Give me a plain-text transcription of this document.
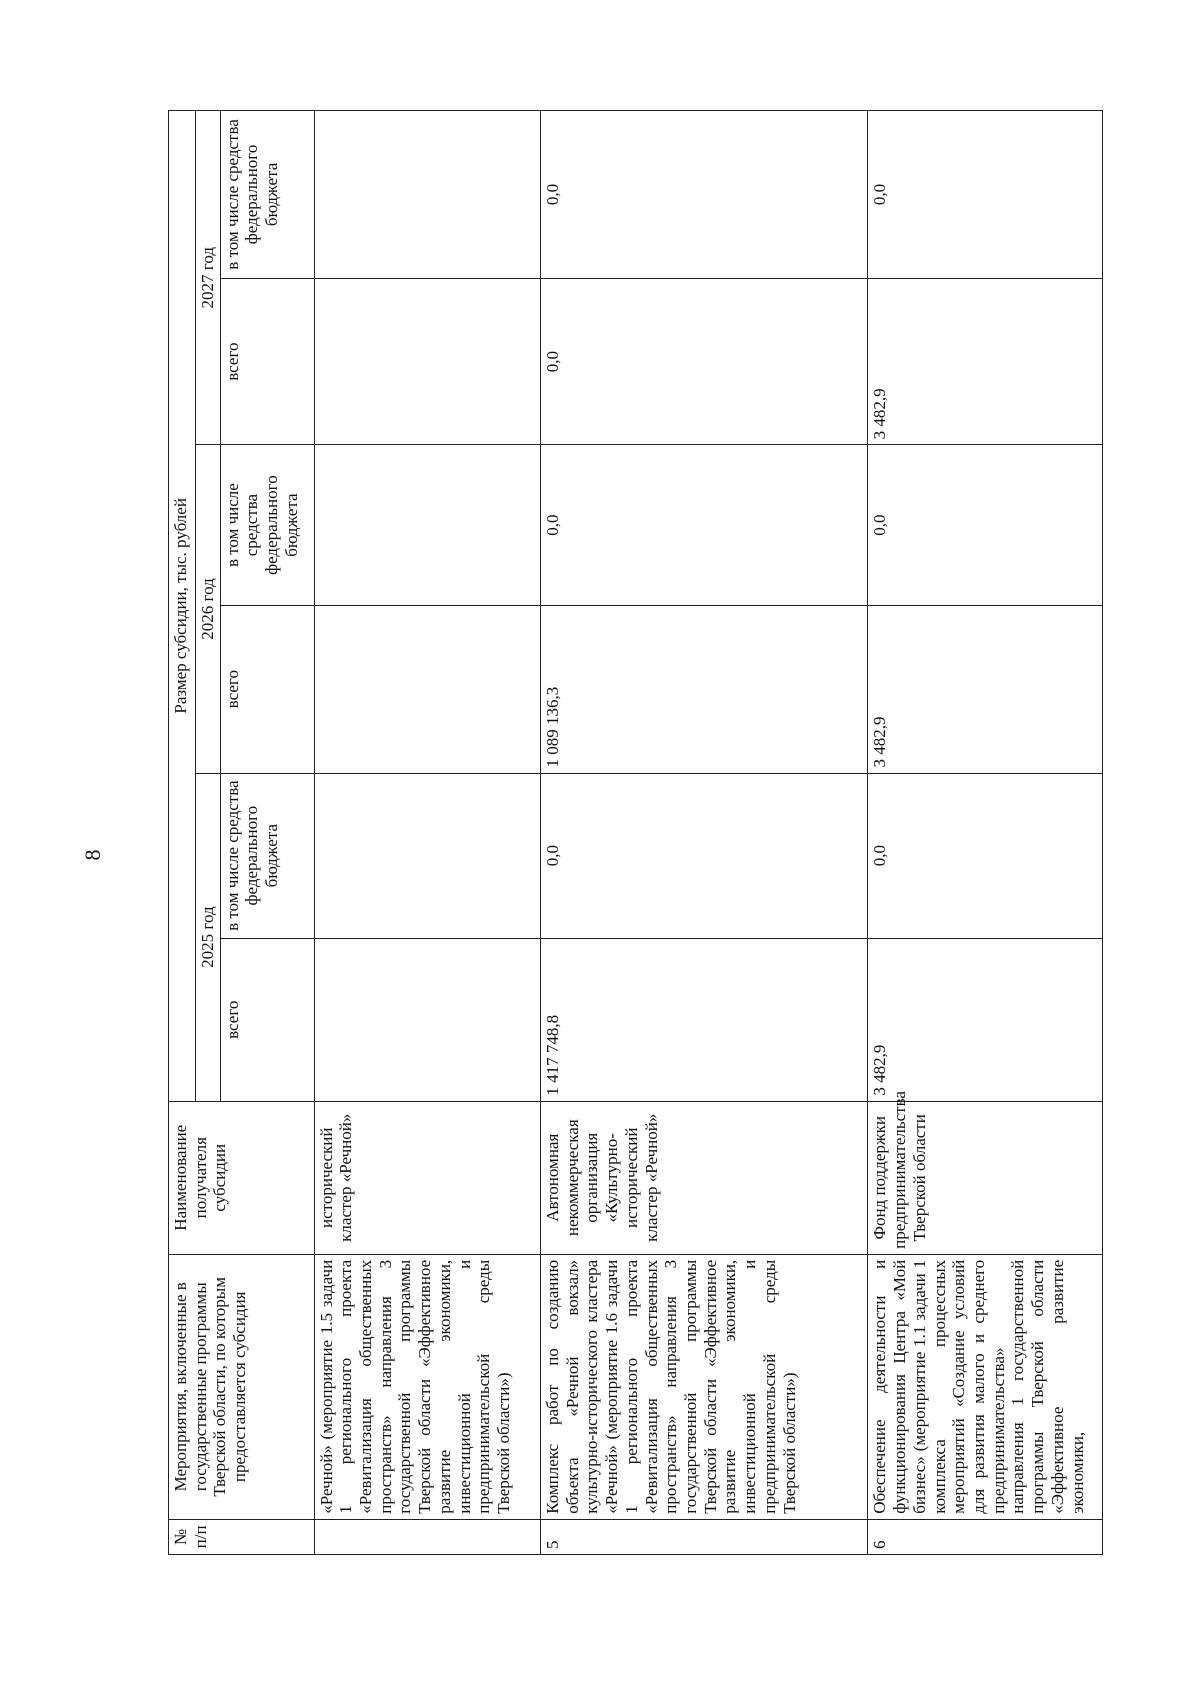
8
№ п/п	Мероприятия, включенные в государственные программы Тверской области, по которым предоставляется субсидия	Наименование получателя субсидии	Размер субсидии, тыс. рублей					
			2025 год		2026 год		2027 год	
			всего	в том числе средства федерального бюджета	всего	в том числе средства федерального бюджета	всего	в том числе средства федерального бюджета
	«Речной» (мероприятие 1.5 задачи 1 регионального проекта «Ревитализация общественных пространств» направления 3 государственной программы Тверской области «Эффективное развитие экономики, инвестиционной и предпринимательской среды Тверской области»)	исторический кластер «Речной»						
5	Комплекс работ по созданию объекта «Речной вокзал» культурно-исторического кластера «Речной» (мероприятие 1.6 задачи 1 регионального проекта «Ревитализация общественных пространств» направления 3 государственной программы Тверской области «Эффективное развитие экономики, инвестиционной и предпринимательской среды Тверской области»)	Автономная некоммерческая организация «Культурно-исторический кластер «Речной»	1 417 748,8	0,0	1 089 136,3	0,0	0,0	0,0
6	Обеспечение деятельности и функционирования Центра «Мой бизнес» (мероприятие 1.1 задачи 1 комплекса процессных мероприятий «Создание условий для развития малого и среднего предпринимательства» направления 1 государственной программы Тверской области «Эффективное развитие экономики,	Фонд поддержки предпринимательства Тверской области	3 482,9	0,0	3 482,9	0,0	3 482,9	0,0
